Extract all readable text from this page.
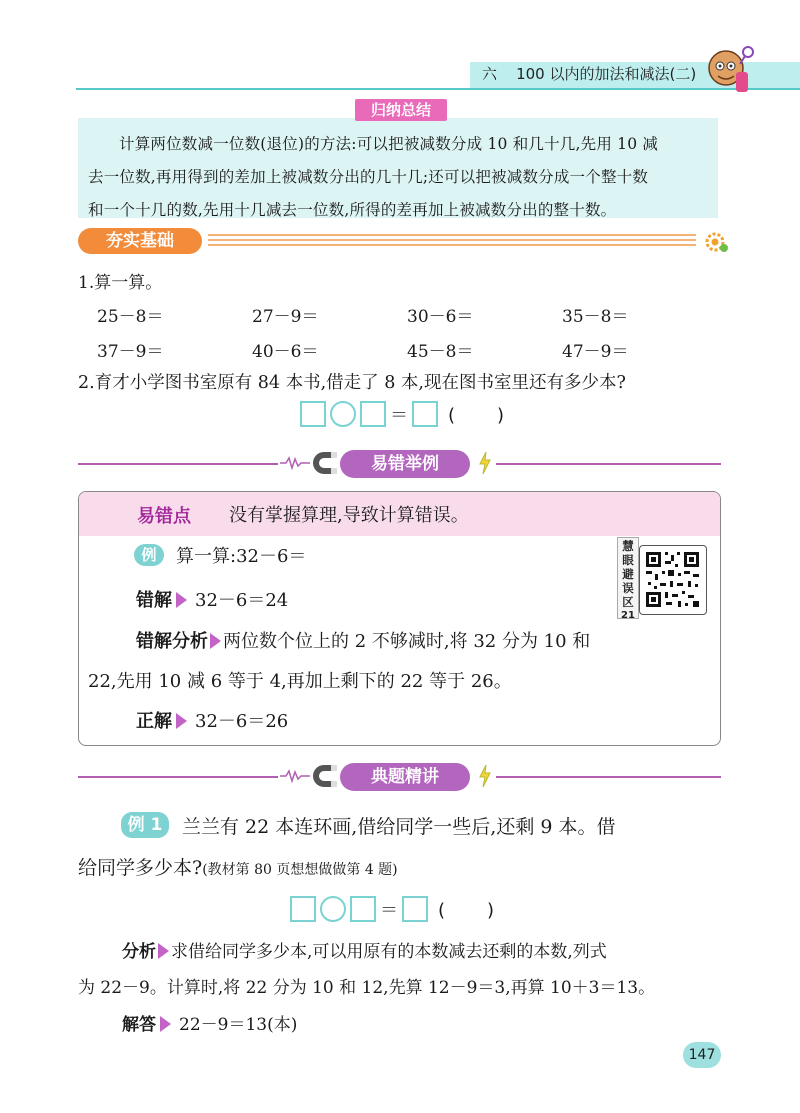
六 100 以内的加法和减法(二)
归纳总结
计算两位数减一位数(退位)的方法:可以把被减数分成 10 和几十几,先用 10 减
去一位数,再用得到的差加上被减数分出的几十几;还可以把被减数分成一个整十数
和一个十几的数,先用十几减去一位数,所得的差再加上被减数分出的整十数。
夯实基础
1.算一算。
25－8＝	27－9＝	30－6＝	35－8＝
37－9＝	40－6＝	45－8＝	47－9＝
2.育才小学图书室原有 84 本书,借走了 8 本,现在图书室里还有多少本?
＝ (　　)
易错举例
易错点 没有掌握算理,导致计算错误。
例	算一算:32－6＝
错解 32－6＝24
错解分析 两位数个位上的 2 不够减时,将 32 分为 10 和
22,先用 10 减 6 等于 4,再加上剩下的 22 等于 26。
正解 32－6＝26
慧
眼
避
误
区
21
典题精讲
例 1	兰兰有 22 本连环画,借给同学一些后,还剩 9 本。借
给同学多少本?(教材第 80 页想想做做第 4 题)
＝ (　　)
分析 求借给同学多少本,可以用原有的本数减去还剩的本数,列式
为 22－9。计算时,将 22 分为 10 和 12,先算 12－9＝3,再算 10＋3＝13。
解答 22－9＝13(本)
147
